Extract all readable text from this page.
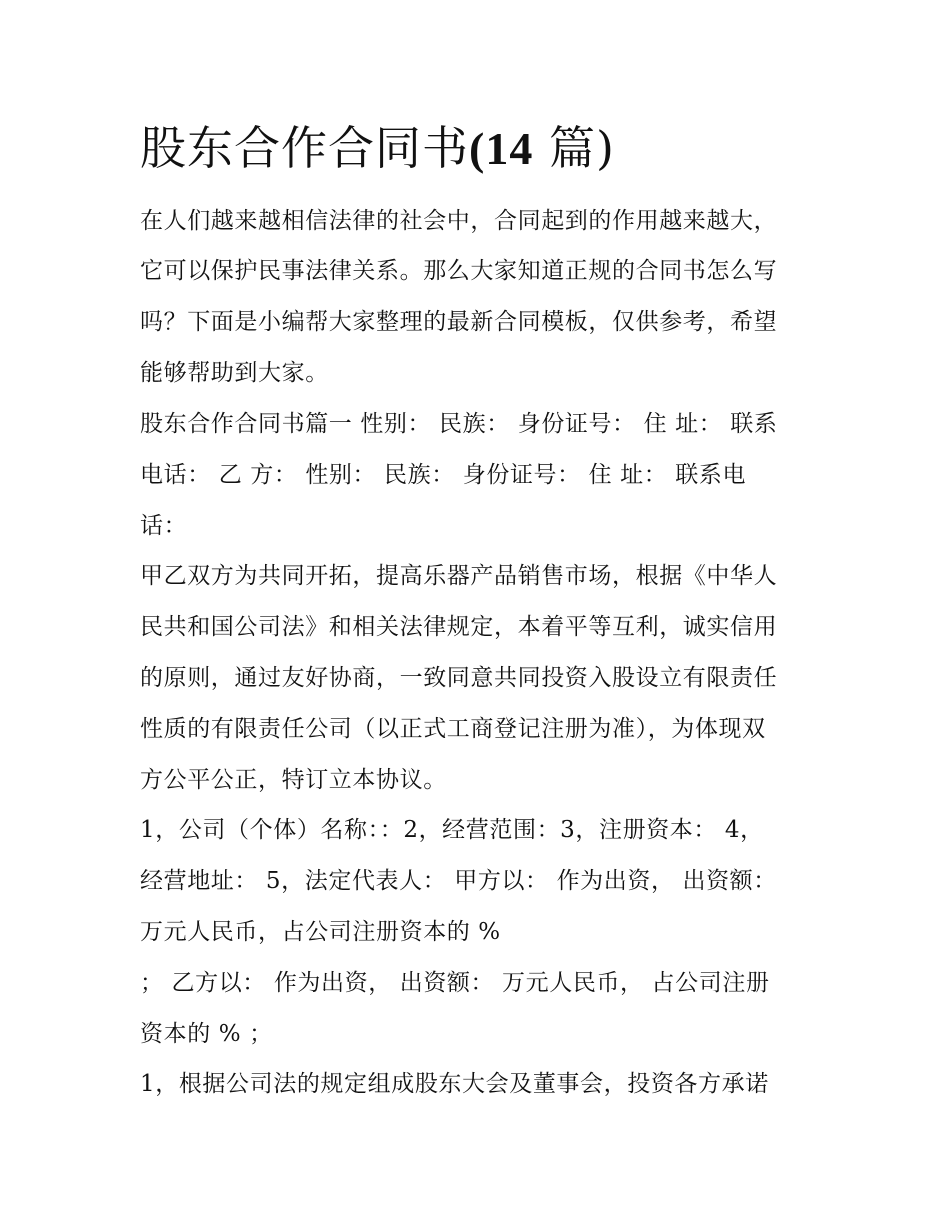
股东合作合同书(14 篇)

在人们越来越相信法律的社会中，合同起到的作用越来越大，

它可以保护民事法律关系。那么大家知道正规的合同书怎么写

吗？下面是小编帮大家整理的最新合同模板，仅供参考，希望

能够帮助到大家。

股东合作合同书篇一 性别： 民族： 身份证号： 住 址： 联系

电话： 乙 方： 性别： 民族： 身份证号： 住 址： 联系电

话：

甲乙双方为共同开拓，提高乐器产品销售市场，根据《中华人

民共和国公司法》和相关法律规定，本着平等互利，诚实信用

的原则，通过友好协商，一致同意共同投资入股设立有限责任

性质的有限责任公司（以正式工商登记注册为准），为体现双

方公平公正，特订立本协议。

1，公司（个体）名称：：2，经营范围：3，注册资本： 4，

经营地址： 5，法定代表人： 甲方以： 作为出资， 出资额：

万元人民币，占公司注册资本的 %

； 乙方以： 作为出资， 出资额： 万元人民币， 占公司注册

资本的 % ；

1，根据公司法的规定组成股东大会及董事会，投资各方承诺
